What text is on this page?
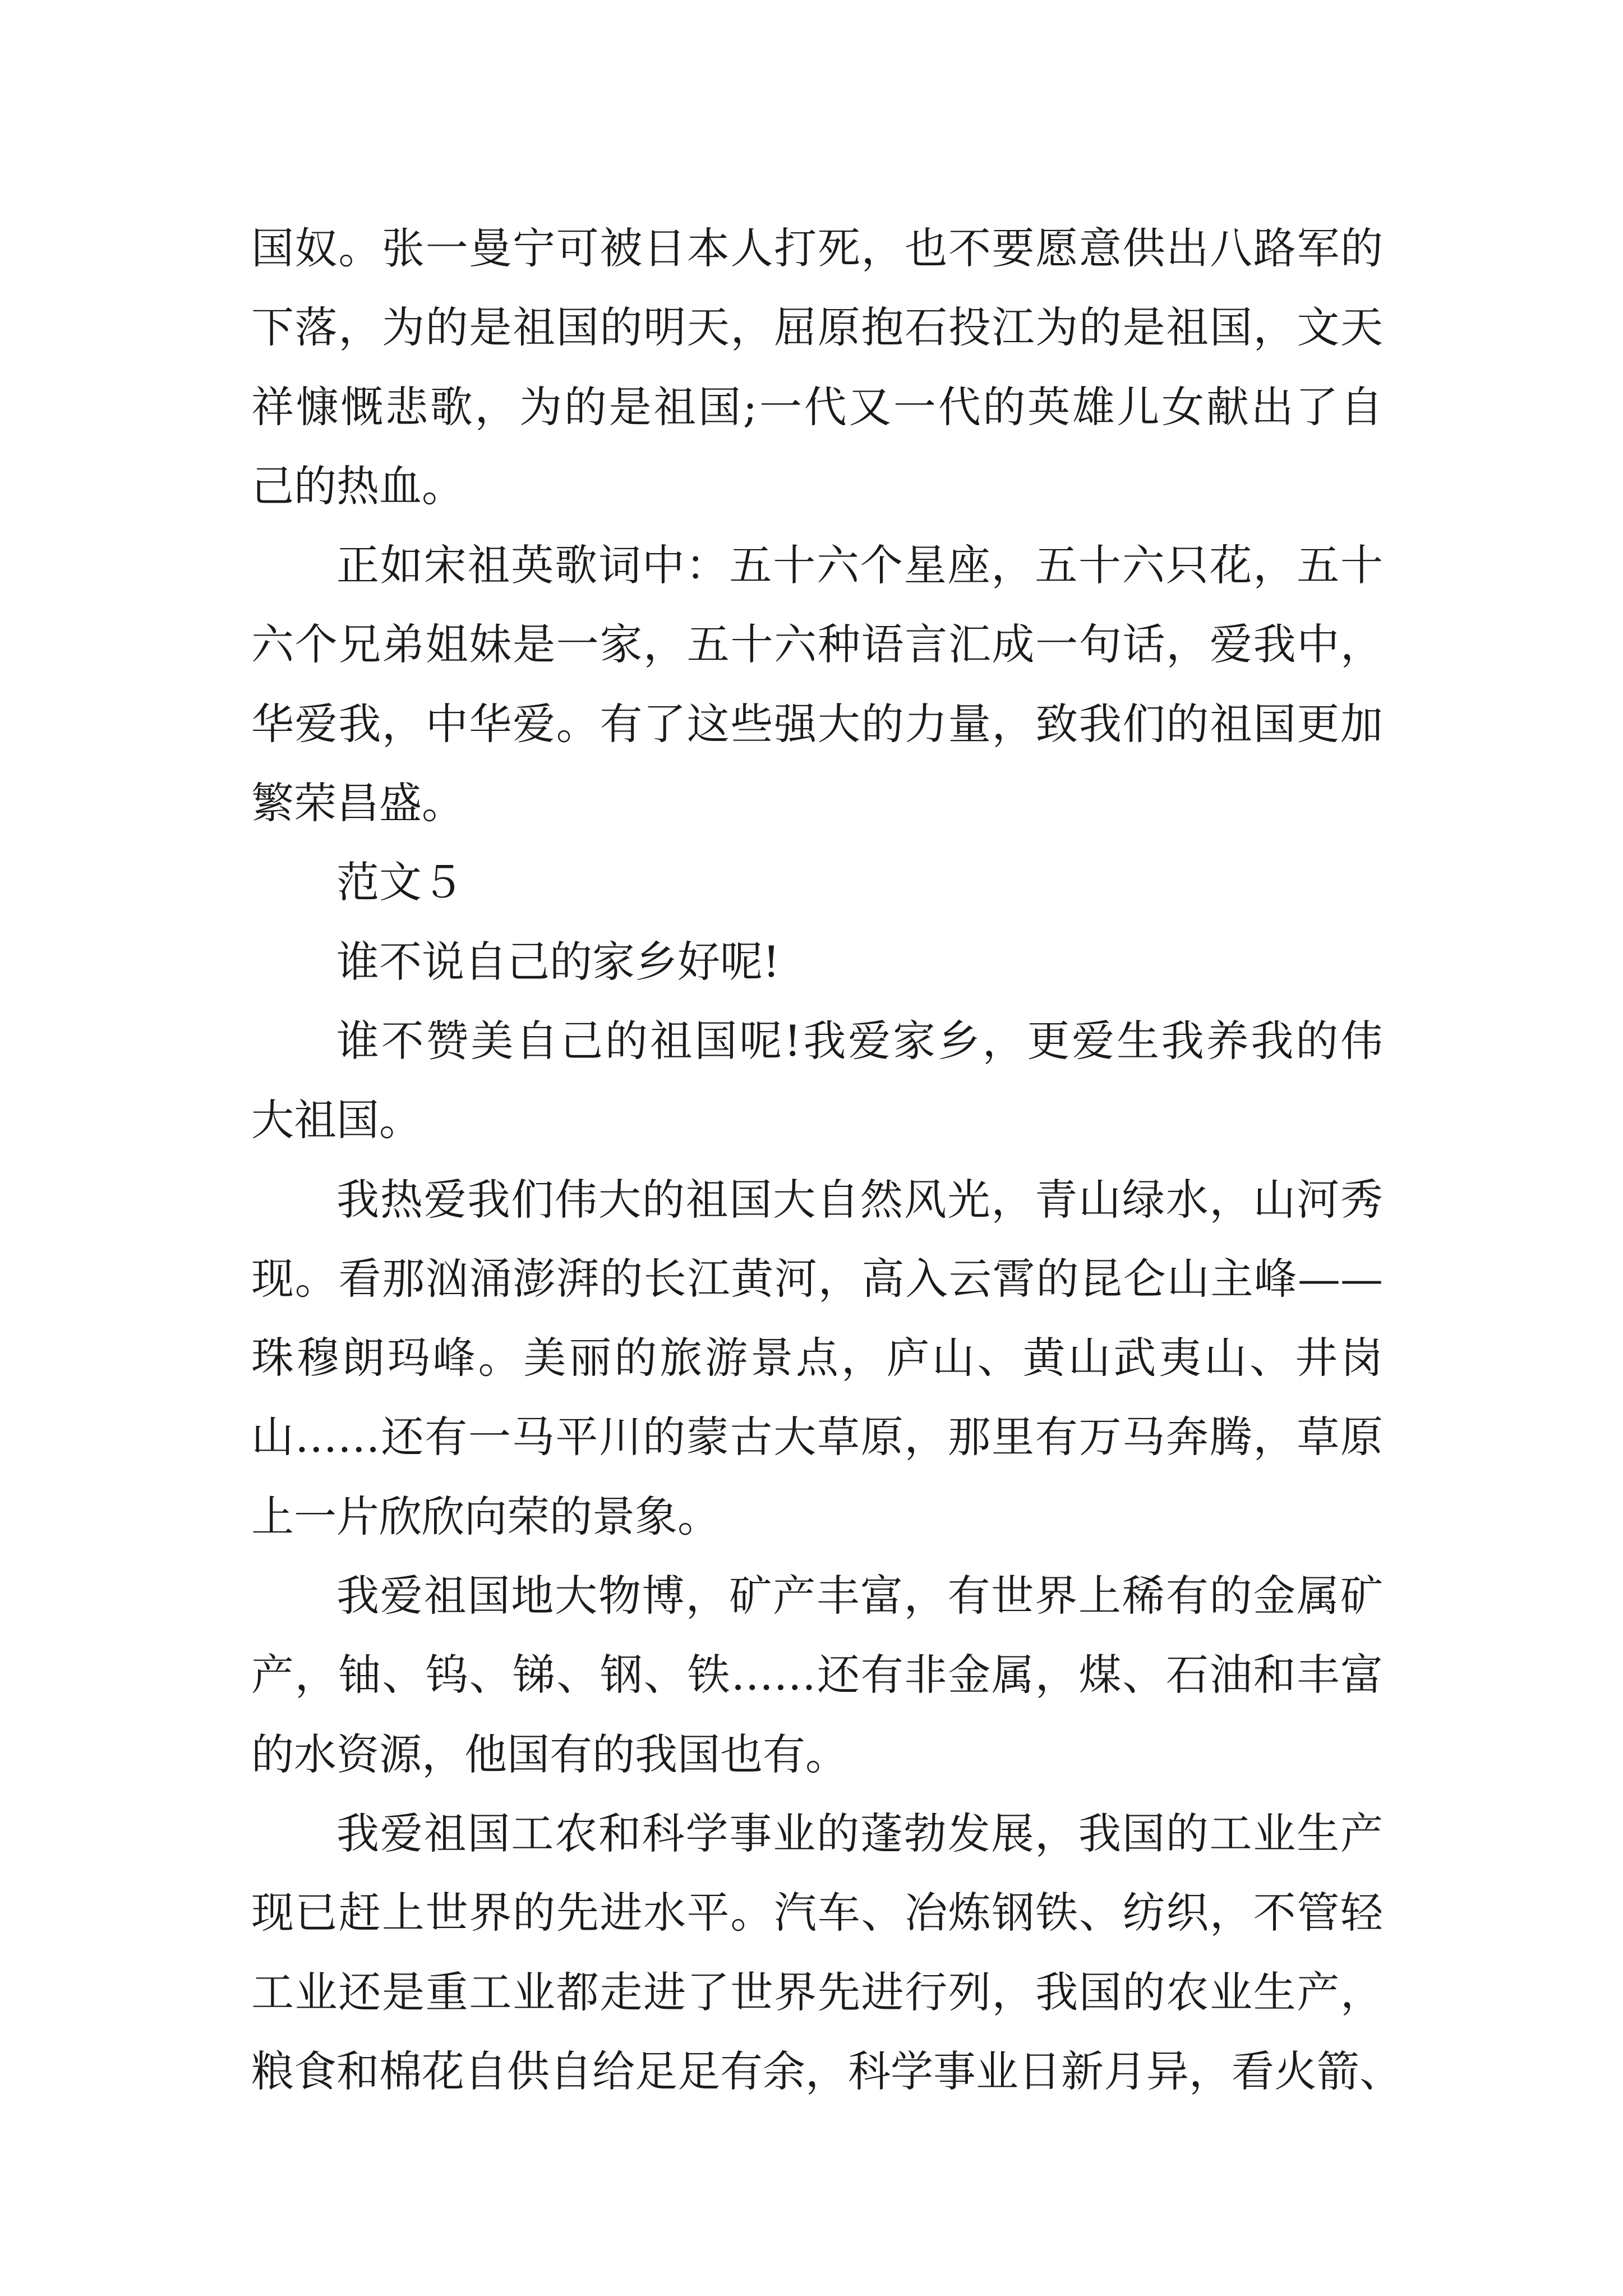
国奴。张一曼宁可被日本人打死，也不要愿意供出八路军的
下落，为的是祖国的明天，屈原抱石投江为的是祖国，文天
祥慷慨悲歌，为的是祖国;一代又一代的英雄儿女献出了自
己的热血。

正如宋祖英歌词中：五十六个星座，五十六只花，五十
六个兄弟姐妹是一家，五十六种语言汇成一句话，爱我中，
华爱我，中华爱。有了这些强大的力量，致我们的祖国更加
繁荣昌盛。

范文５

谁不说自己的家乡好呢!

谁不赞美自己的祖国呢!我爱家乡，更爱生我养我的伟
大祖国。

我热爱我们伟大的祖国大自然风光，青山绿水，山河秀
现。看那汹涌澎湃的长江黄河，高入云霄的昆仑山主峰——
珠穆朗玛峰。美丽的旅游景点，庐山、黄山武夷山、井岗
山……还有一马平川的蒙古大草原，那里有万马奔腾，草原
上一片欣欣向荣的景象。

我爱祖国地大物博，矿产丰富，有世界上稀有的金属矿
产，铀、钨、锑、钢、铁……还有非金属，煤、石油和丰富
的水资源，他国有的我国也有。

我爱祖国工农和科学事业的蓬勃发展，我国的工业生产
现已赶上世界的先进水平。汽车、冶炼钢铁、纺织，不管轻
工业还是重工业都走进了世界先进行列，我国的农业生产，
粮食和棉花自供自给足足有余，科学事业日新月异，看火箭、
